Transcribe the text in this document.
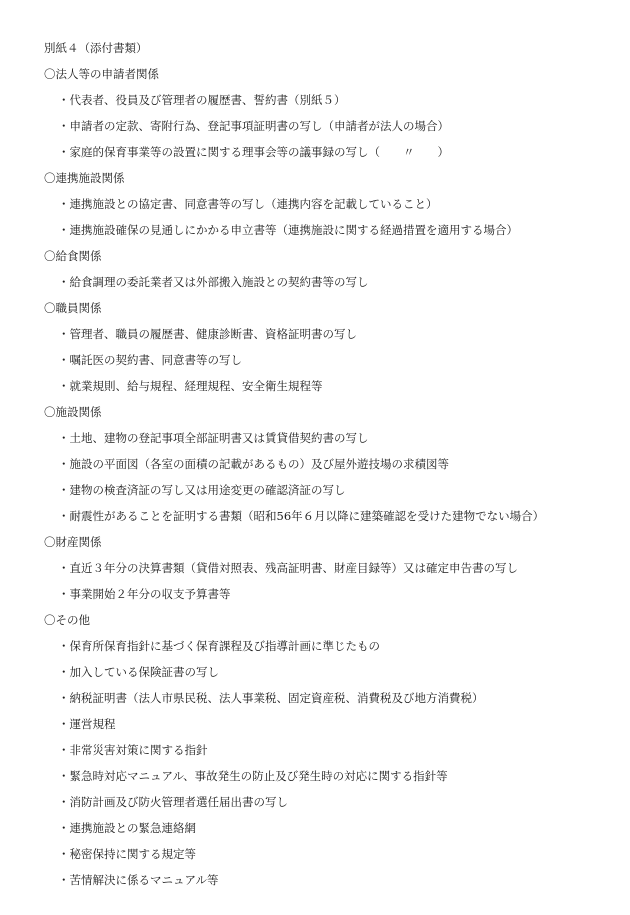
別紙４（添付書類）
〇法人等の申請者関係
・代表者、役員及び管理者の履歴書、誓約書（別紙５）
・申請者の定款、寄附行為、登記事項証明書の写し（申請者が法人の場合）
・家庭的保育事業等の設置に関する理事会等の議事録の写し（　　〃　　）
〇連携施設関係
・連携施設との協定書、同意書等の写し（連携内容を記載していること）
・連携施設確保の見通しにかかる申立書等（連携施設に関する経過措置を適用する場合）
〇給食関係
・給食調理の委託業者又は外部搬入施設との契約書等の写し
〇職員関係
・管理者、職員の履歴書、健康診断書、資格証明書の写し
・嘱託医の契約書、同意書等の写し
・就業規則、給与規程、経理規程、安全衛生規程等
〇施設関係
・土地、建物の登記事項全部証明書又は賃貸借契約書の写し
・施設の平面図（各室の面積の記載があるもの）及び屋外遊技場の求積図等
・建物の検査済証の写し又は用途変更の確認済証の写し
・耐震性があることを証明する書類（昭和56年６月以降に建築確認を受けた建物でない場合）
〇財産関係
・直近３年分の決算書類（貸借対照表、残高証明書、財産目録等）又は確定申告書の写し
・事業開始２年分の収支予算書等
〇その他
・保育所保育指針に基づく保育課程及び指導計画に準じたもの
・加入している保険証書の写し
・納税証明書（法人市県民税、法人事業税、固定資産税、消費税及び地方消費税）
・運営規程
・非常災害対策に関する指針
・緊急時対応マニュアル、事故発生の防止及び発生時の対応に関する指針等
・消防計画及び防火管理者選任届出書の写し
・連携施設との緊急連絡網
・秘密保持に関する規定等
・苦情解決に係るマニュアル等
